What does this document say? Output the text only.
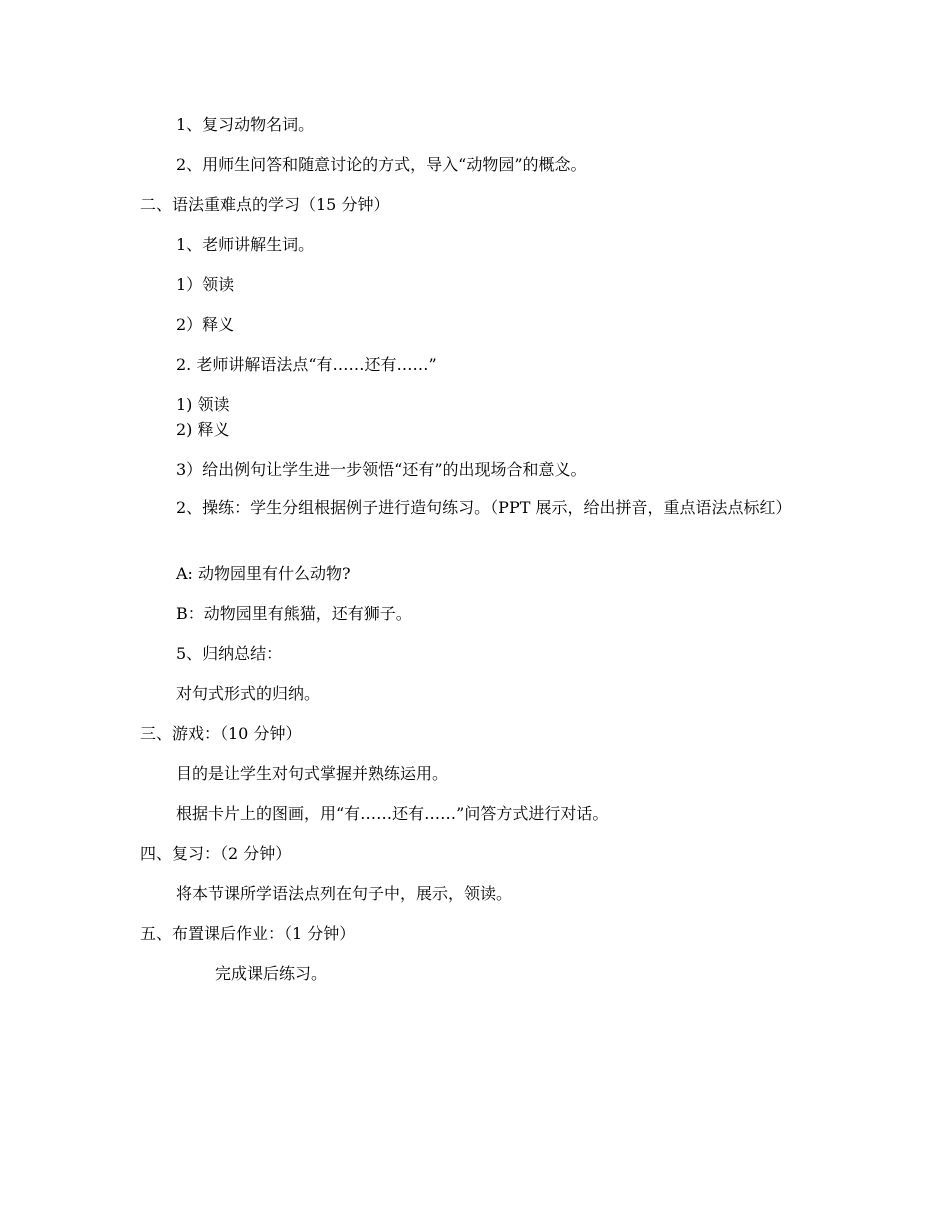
1、复习动物名词。
2、用师生问答和随意讨论的方式，导入“动物园”的概念。
二、语法重难点的学习（15 分钟）
1、老师讲解生词。
1）领读
2）释义
2. 老师讲解语法点“有……还有……”
1) 领读
2) 释义
3）给出例句让学生进一步领悟“还有”的出现场合和意义。
2、操练：学生分组根据例子进行造句练习。（PPT 展示，给出拼音，重点语法点标红）
A: 动物园里有什么动物?
B：动物园里有熊猫，还有狮子。
5、归纳总结：
对句式形式的归纳。
三、游戏：（10 分钟）
目的是让学生对句式掌握并熟练运用。
根据卡片上的图画，用“有……还有……”问答方式进行对话。
四、复习：（2 分钟）
将本节课所学语法点列在句子中，展示，领读。
五、布置课后作业：（1 分钟）
完成课后练习。
